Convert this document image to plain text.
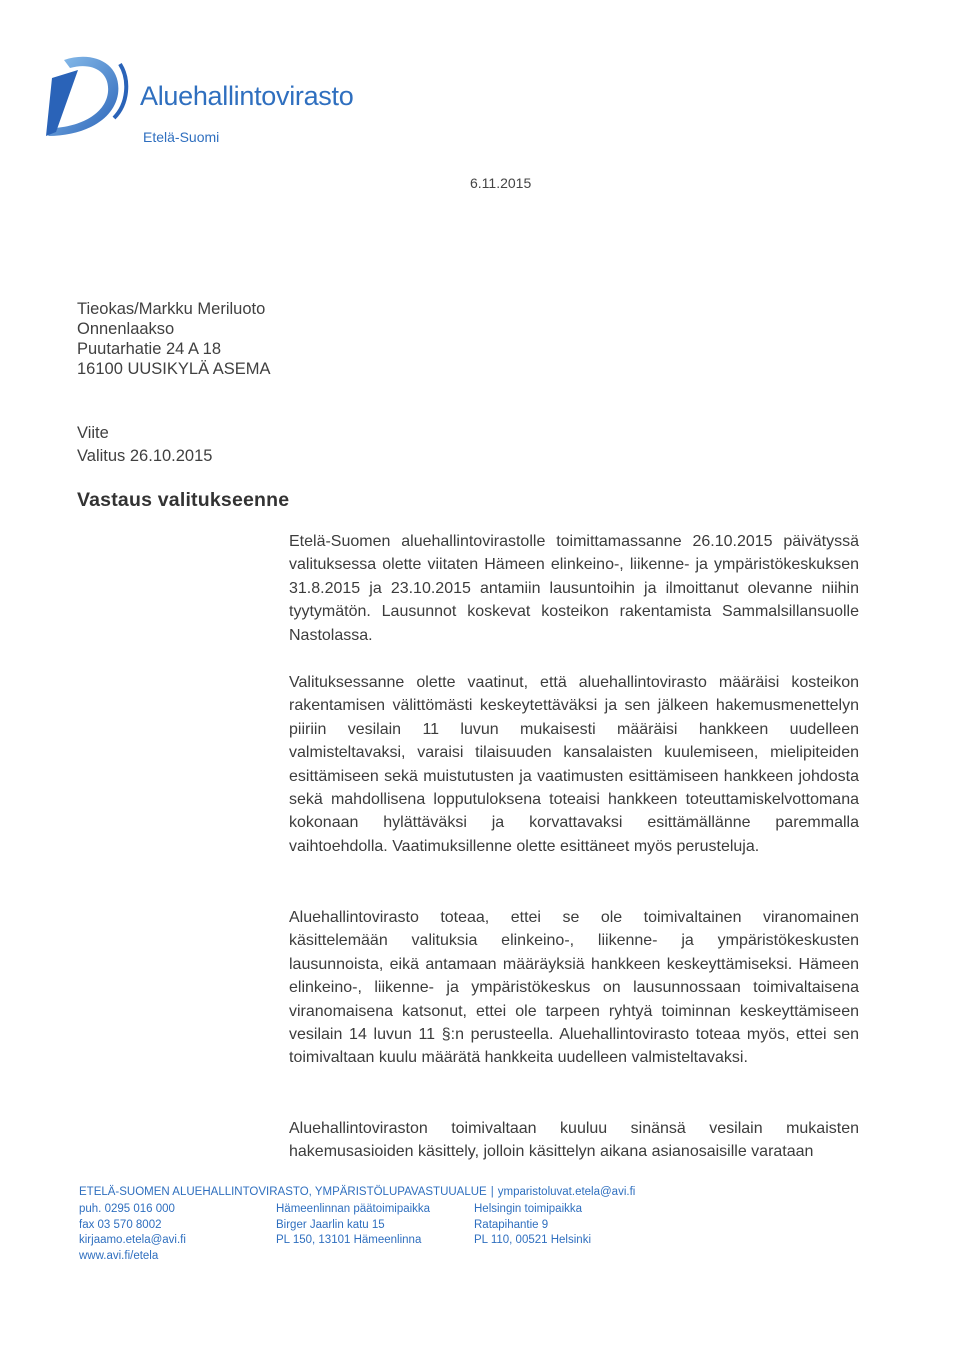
Aluehallintovirasto
Etelä-Suomi
6.11.2015
Tieokas/Markku Meriluoto
Onnenlaakso
Puutarhatie 24 A 18
16100 UUSIKYLÄ ASEMA
Viite
Valitus 26.10.2015
Vastaus valitukseenne
Etelä-Suomen aluehallintovirastolle toimittamassanne 26.10.2015 päivätyssä valituksessa olette viitaten Hämeen elinkeino-, liikenne- ja ympäristökeskuksen 31.8.2015 ja 23.10.2015 antamiin lausuntoihin ja ilmoittanut olevanne niihin tyytymätön. Lausunnot koskevat kosteikon rakentamista Sammalsillansuolle Nastolassa.
Valituksessanne olette vaatinut, että aluehallintovirasto määräisi kosteikon rakentamisen välittömästi keskeytettäväksi ja sen jälkeen hakemusmenettelyn piiriin vesilain 11 luvun mukaisesti määräisi hankkeen uudelleen valmisteltavaksi, varaisi tilaisuuden kansalaisten kuulemiseen, mielipiteiden esittämiseen sekä muistutusten ja vaatimusten esittämiseen hankkeen johdosta sekä mahdollisena lopputuloksena toteaisi hankkeen toteuttamiskelvottomana kokonaan hylättäväksi ja korvattavaksi esittämällänne paremmalla vaihtoehdolla. Vaatimuksillenne olette esittäneet myös perusteluja.
Aluehallintovirasto toteaa, ettei se ole toimivaltainen viranomainen käsittelemään valituksia elinkeino-, liikenne- ja ympäristökeskusten lausunnoista, eikä antamaan määräyksiä hankkeen keskeyttämiseksi. Hämeen elinkeino-, liikenne- ja ympäristökeskus on lausunnossaan toimivaltaisena viranomaisena katsonut, ettei ole tarpeen ryhtyä toiminnan keskeyttämiseen vesilain 14 luvun 11 §:n perusteella. Aluehallintovirasto toteaa myös, ettei sen toimivaltaan kuulu määrätä hankkeita uudelleen valmisteltavaksi.
Aluehallintoviraston toimivaltaan kuuluu sinänsä vesilain mukaisten hakemusasioiden käsittely, jolloin käsittelyn aikana asianosaisille varataan
ETELÄ-SUOMEN ALUEHALLINTOVIRASTO, YMPÄRISTÖLUPAVASTUUALUE | ymparistoluvat.etela@avi.fi
puh. 0295 016 000
fax 03 570 8002
kirjaamo.etela@avi.fi
www.avi.fi/etela
Hämeenlinnan päätoimipaikka
Birger Jaarlin katu 15
PL 150, 13101 Hämeenlinna
Helsingin toimipaikka
Ratapihantie 9
PL 110, 00521 Helsinki
